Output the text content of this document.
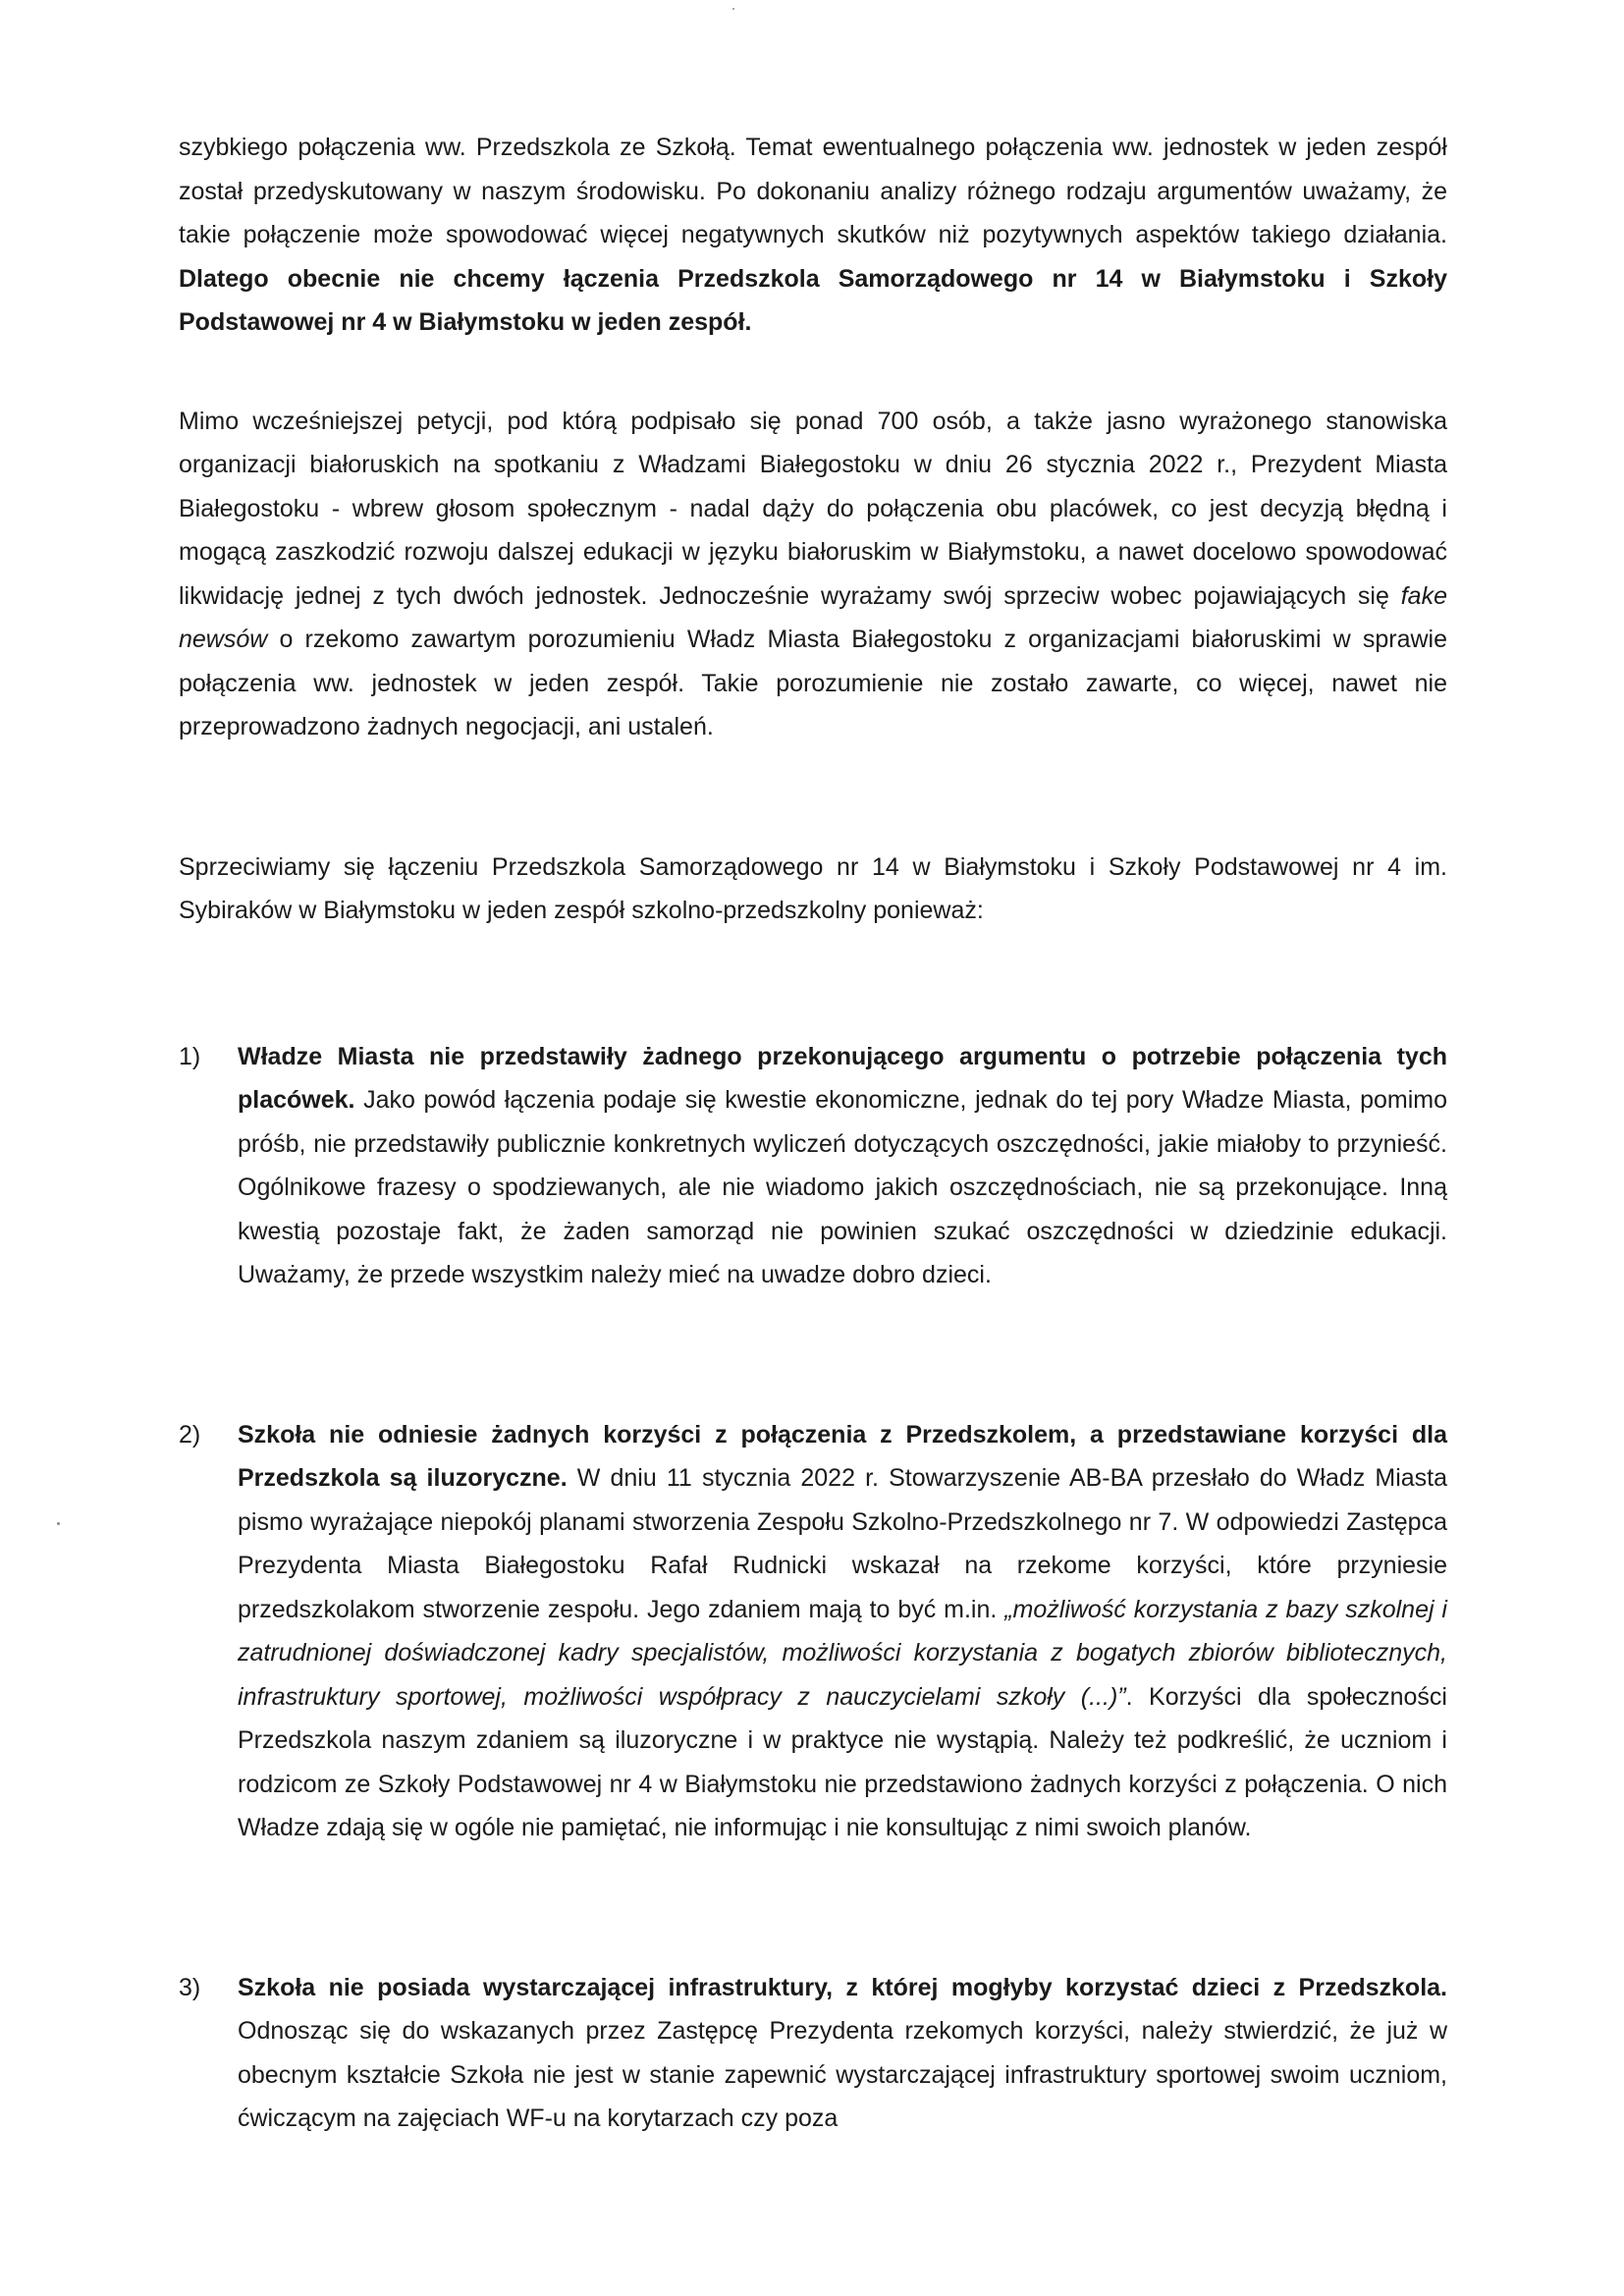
szybkiego połączenia ww. Przedszkola ze Szkołą. Temat ewentualnego połączenia ww. jednostek w jeden zespół został przedyskutowany w naszym środowisku. Po dokonaniu analizy różnego rodzaju argumentów uważamy, że takie połączenie może spowodować więcej negatywnych skutków niż pozytywnych aspektów takiego działania. Dlatego obecnie nie chcemy łączenia Przedszkola Samorządowego nr 14 w Białymstoku i Szkoły Podstawowej nr 4 w Białymstoku w jeden zespół.

Mimo wcześniejszej petycji, pod którą podpisało się ponad 700 osób, a także jasno wyrażonego stanowiska organizacji białoruskich na spotkaniu z Władzami Białegostoku w dniu 26 stycznia 2022 r., Prezydent Miasta Białegostoku - wbrew głosom społecznym - nadal dąży do połączenia obu placówek, co jest decyzją błędną i mogącą zaszkodzić rozwoju dalszej edukacji w języku białoruskim w Białymstoku, a nawet docelowo spowodować likwidację jednej z tych dwóch jednostek. Jednocześnie wyrażamy swój sprzeciw wobec pojawiających się fake newsów o rzekomo zawartym porozumieniu Władz Miasta Białegostoku z organizacjami białoruskimi w sprawie połączenia ww. jednostek w jeden zespół. Takie porozumienie nie zostało zawarte, co więcej, nawet nie przeprowadzono żadnych negocjacji, ani ustaleń.

Sprzeciwiamy się łączeniu Przedszkola Samorządowego nr 14 w Białymstoku i Szkoły Podstawowej nr 4 im. Sybiraków w Białymstoku w jeden zespół szkolno-przedszkolny ponieważ:

1)	Władze Miasta nie przedstawiły żadnego przekonującego argumentu o potrzebie połączenia tych placówek. Jako powód łączenia podaje się kwestie ekonomiczne, jednak do tej pory Władze Miasta, pomimo próśb, nie przedstawiły publicznie konkretnych wyliczeń dotyczących oszczędności, jakie miałoby to przynieść. Ogólnikowe frazesy o spodziewanych, ale nie wiadomo jakich oszczędnościach, nie są przekonujące. Inną kwestią pozostaje fakt, że żaden samorząd nie powinien szukać oszczędności w dziedzinie edukacji. Uważamy, że przede wszystkim należy mieć na uwadze dobro dzieci.

2)	Szkoła nie odniesie żadnych korzyści z połączenia z Przedszkolem, a przedstawiane korzyści dla Przedszkola są iluzoryczne. W dniu 11 stycznia 2022 r. Stowarzyszenie AB-BA przesłało do Władz Miasta pismo wyrażające niepokój planami stworzenia Zespołu Szkolno-Przedszkolnego nr 7. W odpowiedzi Zastępca Prezydenta Miasta Białegostoku Rafał Rudnicki wskazał na rzekome korzyści, które przyniesie przedszkolakom stworzenie zespołu. Jego zdaniem mają to być m.in. „możliwość korzystania z bazy szkolnej i zatrudnionej doświadczonej kadry specjalistów, możliwości korzystania z bogatych zbiorów bibliotecznych, infrastruktury sportowej, możliwości współpracy z nauczycielami szkoły (...)”. Korzyści dla społeczności Przedszkola naszym zdaniem są iluzoryczne i w praktyce nie wystąpią. Należy też podkreślić, że uczniom i rodzicom ze Szkoły Podstawowej nr 4 w Białymstoku nie przedstawiono żadnych korzyści z połączenia. O nich Władze zdają się w ogóle nie pamiętać, nie informując i nie konsultując z nimi swoich planów.

3)	Szkoła nie posiada wystarczającej infrastruktury, z której mogłyby korzystać dzieci z Przedszkola. Odnosząc się do wskazanych przez Zastępcę Prezydenta rzekomych korzyści, należy stwierdzić, że już w obecnym kształcie Szkoła nie jest w stanie zapewnić wystarczającej infrastruktury sportowej swoim uczniom, ćwiczącym na zajęciach WF-u na korytarzach czy poza
